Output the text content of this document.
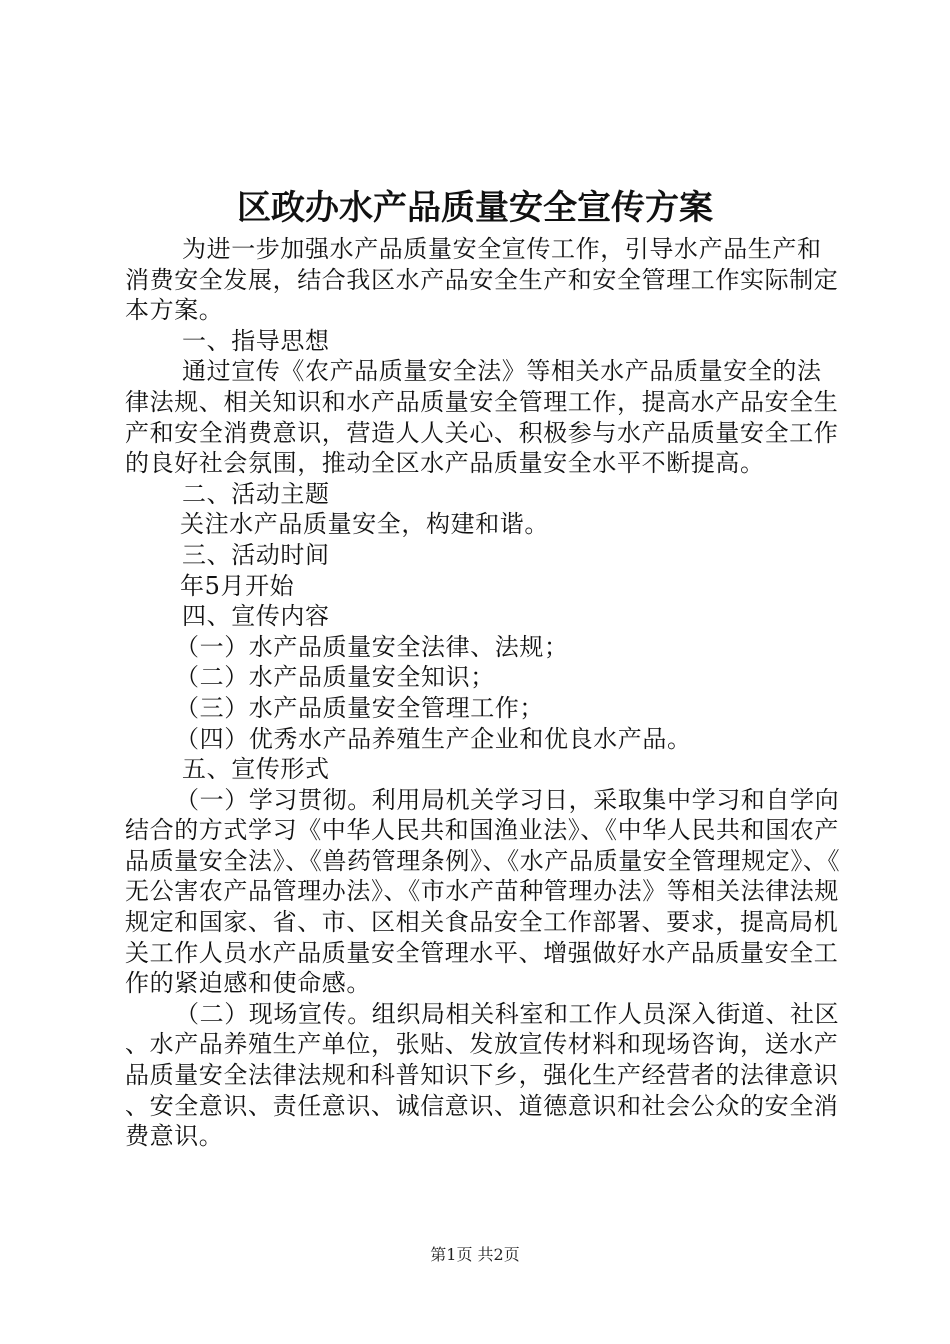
区政办水产品质量安全宣传方案

为进一步加强水产品质量安全宣传工作，引导水产品生产和消费安全发展，结合我区水产品安全生产和安全管理工作实际制定本方案。

一、指导思想

通过宣传《农产品质量安全法》等相关水产品质量安全的法律法规、相关知识和水产品质量安全管理工作，提高水产品安全生产和安全消费意识，营造人人关心、积极参与水产品质量安全工作的良好社会氛围，推动全区水产品质量安全水平不断提高。

二、活动主题

关注水产品质量安全，构建和谐。

三、活动时间

年5月开始

四、宣传内容

（一）水产品质量安全法律、法规；

（二）水产品质量安全知识；

（三）水产品质量安全管理工作；

（四）优秀水产品养殖生产企业和优良水产品。

五、宣传形式

（一）学习贯彻。利用局机关学习日，采取集中学习和自学向结合的方式学习《中华人民共和国渔业法》、《中华人民共和国农产品质量安全法》、《兽药管理条例》、《水产品质量安全管理规定》、《无公害农产品管理办法》、《市水产苗种管理办法》等相关法律法规规定和国家、省、市、区相关食品安全工作部署、要求，提高局机关工作人员水产品质量安全管理水平、增强做好水产品质量安全工作的紧迫感和使命感。

（二）现场宣传。组织局相关科室和工作人员深入街道、社区、水产品养殖生产单位，张贴、发放宣传材料和现场咨询，送水产品质量安全法律法规和科普知识下乡，强化生产经营者的法律意识、安全意识、责任意识、诚信意识、道德意识和社会公众的安全消费意识。

第1页 共2页
